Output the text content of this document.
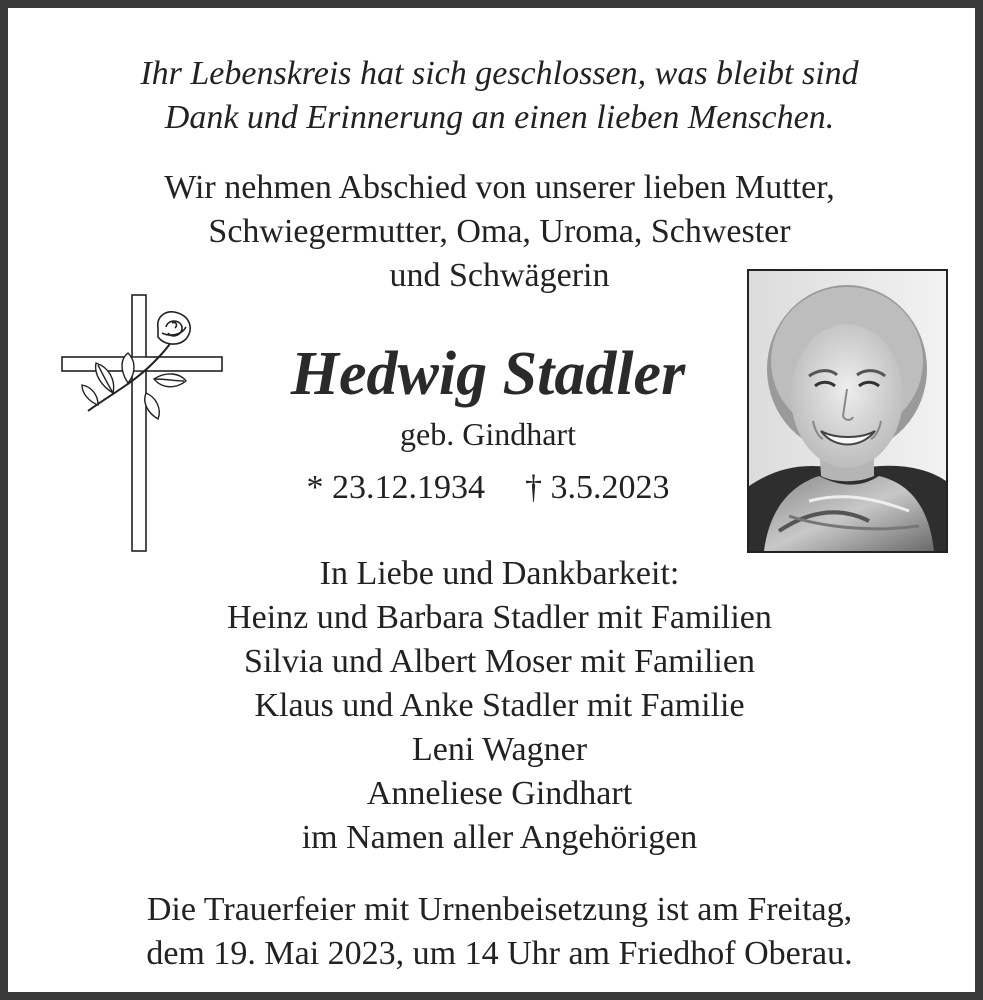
Ihr Lebenskreis hat sich geschlossen, was bleibt sind
Dank und Erinnerung an einen lieben Menschen.
Wir nehmen Abschied von unserer lieben Mutter,
Schwiegermutter, Oma, Uroma, Schwester
und Schwägerin
Hedwig Stadler
geb. Gindhart
* 23.12.1934 † 3.5.2023
In Liebe und Dankbarkeit:
Heinz und Barbara Stadler mit Familien
Silvia und Albert Moser mit Familien
Klaus und Anke Stadler mit Familie
Leni Wagner
Anneliese Gindhart
im Namen aller Angehörigen
Die Trauerfeier mit Urnenbeisetzung ist am Freitag,
dem 19. Mai 2023, um 14 Uhr am Friedhof Oberau.
